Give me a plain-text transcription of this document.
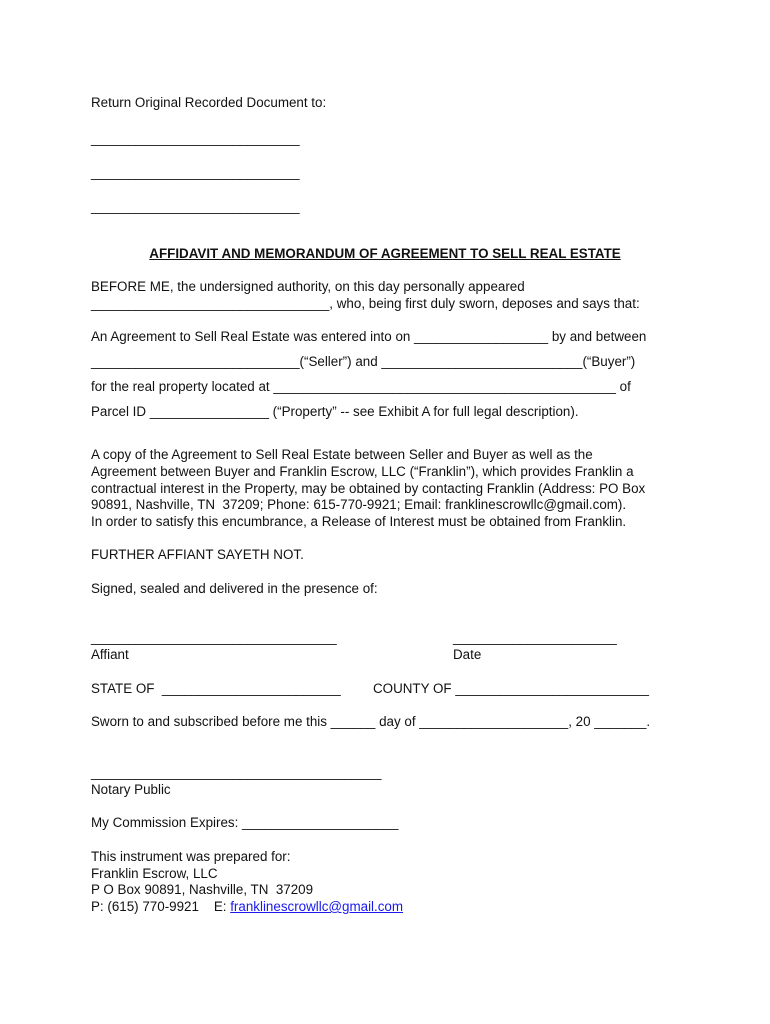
Return Original Recorded Document to:
____________________________
____________________________
____________________________
AFFIDAVIT AND MEMORANDUM OF AGREEMENT TO SELL REAL ESTATE
BEFORE ME, the undersigned authority, on this day personally appeared
________________________________, who, being first duly sworn, deposes and says that:
An Agreement to Sell Real Estate was entered into on __________________ by and between
____________________________(“Seller”) and ___________________________(“Buyer”)
for the real property located at ______________________________________________ of
Parcel ID ________________ (“Property” -- see Exhibit A for full legal description).
A copy of the Agreement to Sell Real Estate between Seller and Buyer as well as the
Agreement between Buyer and Franklin Escrow, LLC (“Franklin”), which provides Franklin a
contractual interest in the Property, may be obtained by contacting Franklin (Address: PO Box
90891, Nashville, TN  37209; Phone: 615-770-9921; Email: franklinescrowllc@gmail.com).
In order to satisfy this encumbrance, a Release of Interest must be obtained from Franklin.
FURTHER AFFIANT SAYETH NOT.
Signed, sealed and delivered in the presence of:
_________________________________
Affiant
______________________
Date
STATE OF  ________________________ COUNTY OF __________________________
Sworn to and subscribed before me this ______ day of ____________________, 20 _______.
_______________________________________
Notary Public
My Commission Expires: _____________________
This instrument was prepared for:
Franklin Escrow, LLC
P O Box 90891, Nashville, TN  37209
P: (615) 770-9921    E: franklinescrowllc@gmail.com
